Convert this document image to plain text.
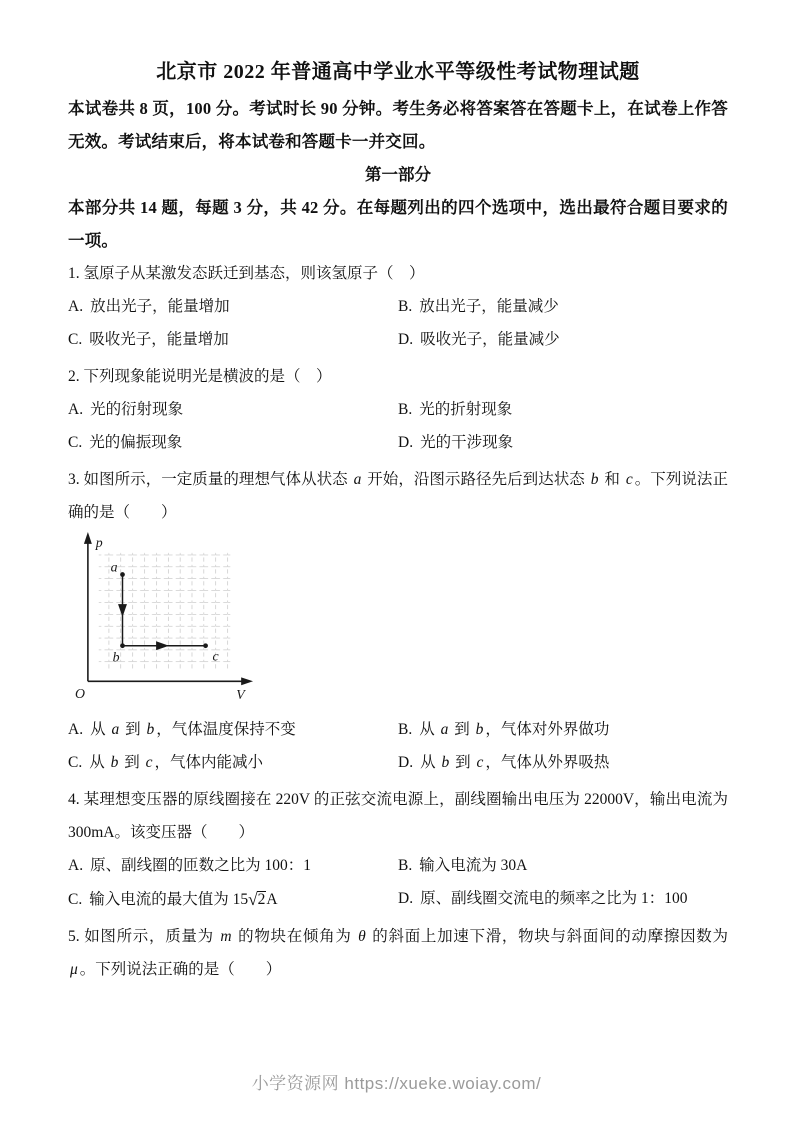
北京市 2022 年普通高中学业水平等级性考试物理试题

本试卷共 8 页，100 分。考试时长 90 分钟。考生务必将答案答在答题卡上，在试卷上作答无效。考试结束后，将本试卷和答题卡一并交回。

第一部分

本部分共 14 题，每题 3 分，共 42 分。在每题列出的四个选项中，选出最符合题目要求的一项。

1. 氢原子从某激发态跃迁到基态，则该氢原子（　）

A. 放出光子，能量增加	B. 放出光子，能量减少

C. 吸收光子，能量增加	D. 吸收光子，能量减少

2. 下列现象能说明光是横波的是（　）

A. 光的衍射现象	B. 光的折射现象

C. 光的偏振现象	D. 光的干涉现象

3. 如图所示，一定质量的理想气体从状态 a 开始，沿图示路径先后到达状态 b 和 c 。下列说法正确的是（　　）

p
V
O
a
b	c

A. 从 a 到 b ，气体温度保持不变	B. 从 a 到 b ，气体对外界做功

C. 从 b 到 c ，气体内能减小	D. 从 b 到 c ，气体从外界吸热

4. 某理想变压器的原线圈接在 220V 的正弦交流电源上，副线圈输出电压为 22000V，输出电流为 300mA。该变压器（　　）

A. 原、副线圈的匝数之比为 100：1	B. 输入电流为 30A

C. 输入电流的最大值为 15√2A	D. 原、副线圈交流电的频率之比为 1：100

5. 如图所示，质量为 m 的物块在倾角为 θ 的斜面上加速下滑，物块与斜面间的动摩擦因数为 μ 。下列说法正确的是（　　）

小学资源网 https://xueke.woiay.com/
